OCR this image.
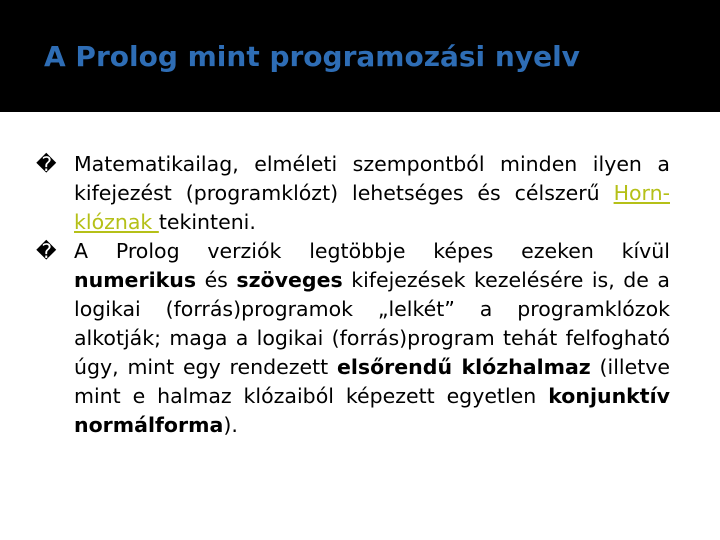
A Prolog mint programozási nyelv
� Matematikailag, elméleti szempontból minden ilyen a kifejezést (programklózt) lehetséges és célszerű Horn-klóznak tekinteni.
� A Prolog verziók legtöbbje képes ezeken kívül numerikus és szöveges kifejezések kezelésére is, de a logikai (forrás)programok „lelkét” a programklózok alkotják; maga a logikai (forrás)program tehát felfogható úgy, mint egy rendezett elsőrendű klózhalmaz (illetve mint e halmaz klózaiból képezett egyetlen konjunktív normálforma).
